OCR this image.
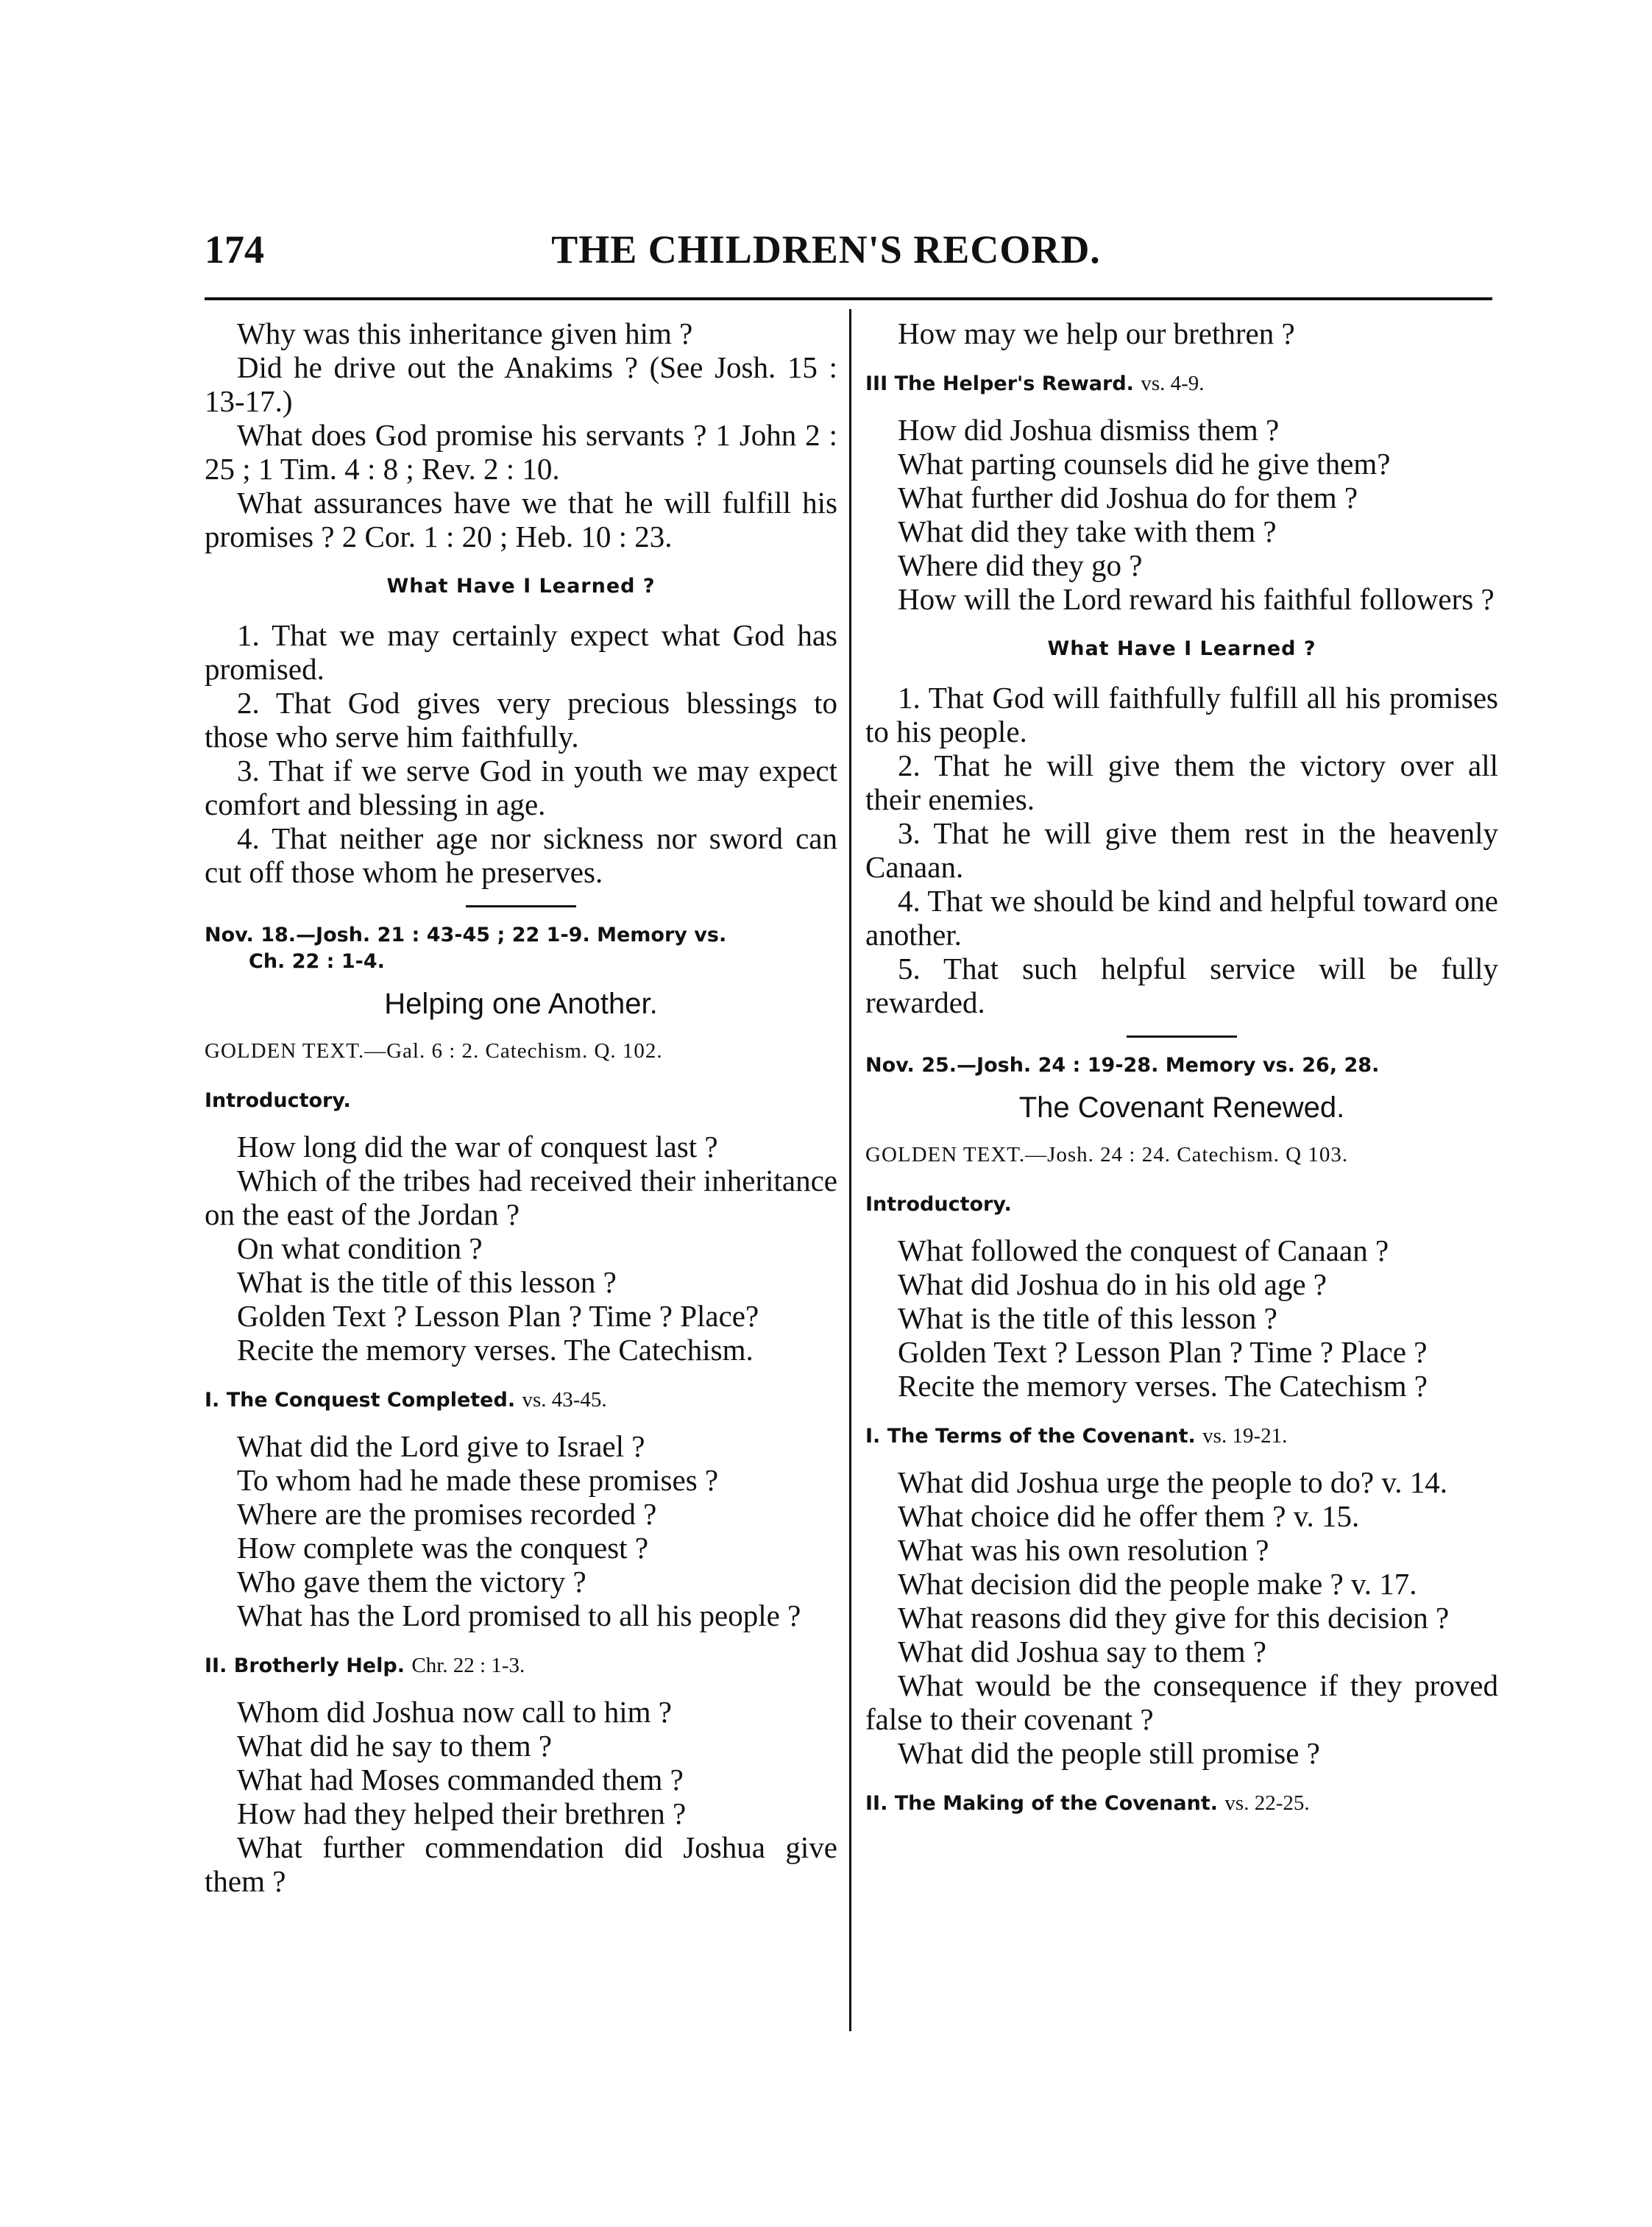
174	THE CHILDREN'S RECORD.

Why was this inheritance given him ?

Did he drive out the Anakims ? (See Josh. 15 : 13-17.)

What does God promise his servants ? 1 John 2 : 25 ; 1 Tim. 4 : 8 ; Rev. 2 : 10.

What assurances have we that he will fulfill his promises ? 2 Cor. 1 : 20 ; Heb. 10 : 23.

What Have I Learned ?

1. That we may certainly expect what God has promised.

2. That God gives very precious blessings to those who serve him faithfully.

3. That if we serve God in youth we may expect comfort and blessing in age.

4. That neither age nor sickness nor sword can cut off those whom he preserves.

Nov. 18.—Josh. 21 : 43-45 ; 22 1-9. Memory vs.
Ch. 22 : 1-4.
Helping one Another.
GOLDEN TEXT.—Gal. 6 : 2. Catechism. Q. 102.
Introductory.

How long did the war of conquest last ?

Which of the tribes had received their inheritance on the east of the Jordan ?

On what condition ?

What is the title of this lesson ?

Golden Text ? Lesson Plan ? Time ? Place?

Recite the memory verses. The Catechism.

I. The Conquest Completed. vs. 43-45.

What did the Lord give to Israel ?

To whom had he made these promises ?

Where are the promises recorded ?

How complete was the conquest ?

Who gave them the victory ?

What has the Lord promised to all his people ?

II. Brotherly Help. Chr. 22 : 1-3.

Whom did Joshua now call to him ?

What did he say to them ?

What had Moses commanded them ?

How had they helped their brethren ?

What further commendation did Joshua give them ?

How may we help our brethren ?

III The Helper's Reward. vs. 4-9.

How did Joshua dismiss them ?

What parting counsels did he give them?

What further did Joshua do for them ?

What did they take with them ?

Where did they go ?

How will the Lord reward his faithful followers ?

What Have I Learned ?

1. That God will faithfully fulfill all his promises to his people.

2. That he will give them the victory over all their enemies.

3. That he will give them rest in the heavenly Canaan.

4. That we should be kind and helpful toward one another.

5. That such helpful service will be fully rewarded.

Nov. 25.—Josh. 24 : 19-28. Memory vs. 26, 28.
The Covenant Renewed.
GOLDEN TEXT.—Josh. 24 : 24. Catechism. Q 103.
Introductory.

What followed the conquest of Canaan ?

What did Joshua do in his old age ?

What is the title of this lesson ?

Golden Text ? Lesson Plan ? Time ? Place ?

Recite the memory verses. The Catechism ?

I. The Terms of the Covenant. vs. 19-21.

What did Joshua urge the people to do? v. 14.

What choice did he offer them ? v. 15.

What was his own resolution ?

What decision did the people make ? v. 17.

What reasons did they give for this decision ?

What did Joshua say to them ?

What would be the consequence if they proved false to their covenant ?

What did the people still promise ?

II. The Making of the Covenant. vs. 22-25.
